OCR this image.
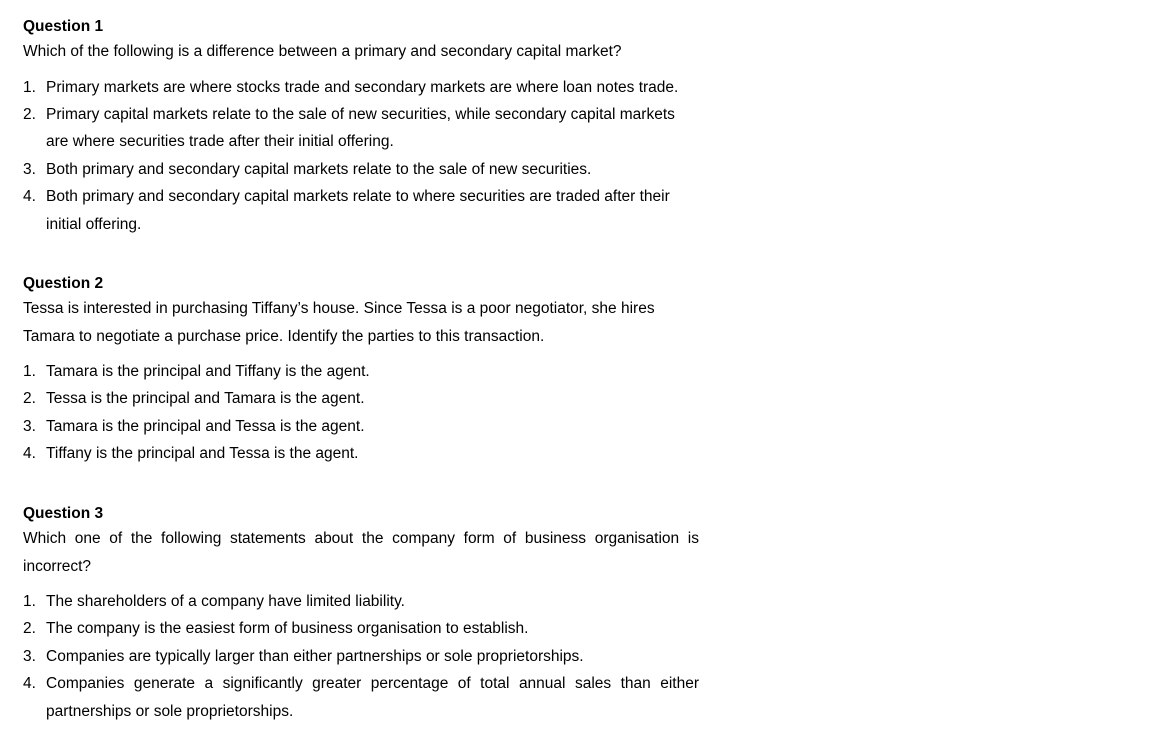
Question 1

Which of the following is a difference between a primary and secondary capital market?

1. Primary markets are where stocks trade and secondary markets are where loan notes trade.
2. Primary capital markets relate to the sale of new securities, while secondary capital markets are where securities trade after their initial offering.
3. Both primary and secondary capital markets relate to the sale of new securities.
4. Both primary and secondary capital markets relate to where securities are traded after their initial offering.
Question 2

Tessa is interested in purchasing Tiffany’s house. Since Tessa is a poor negotiator, she hires Tamara to negotiate a purchase price. Identify the parties to this transaction.

1. Tamara is the principal and Tiffany is the agent.
2. Tessa is the principal and Tamara is the agent.
3. Tamara is the principal and Tessa is the agent.
4. Tiffany is the principal and Tessa is the agent.
Question 3

Which one of the following statements about the company form of business organisation is incorrect?

1. The shareholders of a company have limited liability.
2. The company is the easiest form of business organisation to establish.
3. Companies are typically larger than either partnerships or sole proprietorships.
4. Companies generate a significantly greater percentage of total annual sales than either partnerships or sole proprietorships.
